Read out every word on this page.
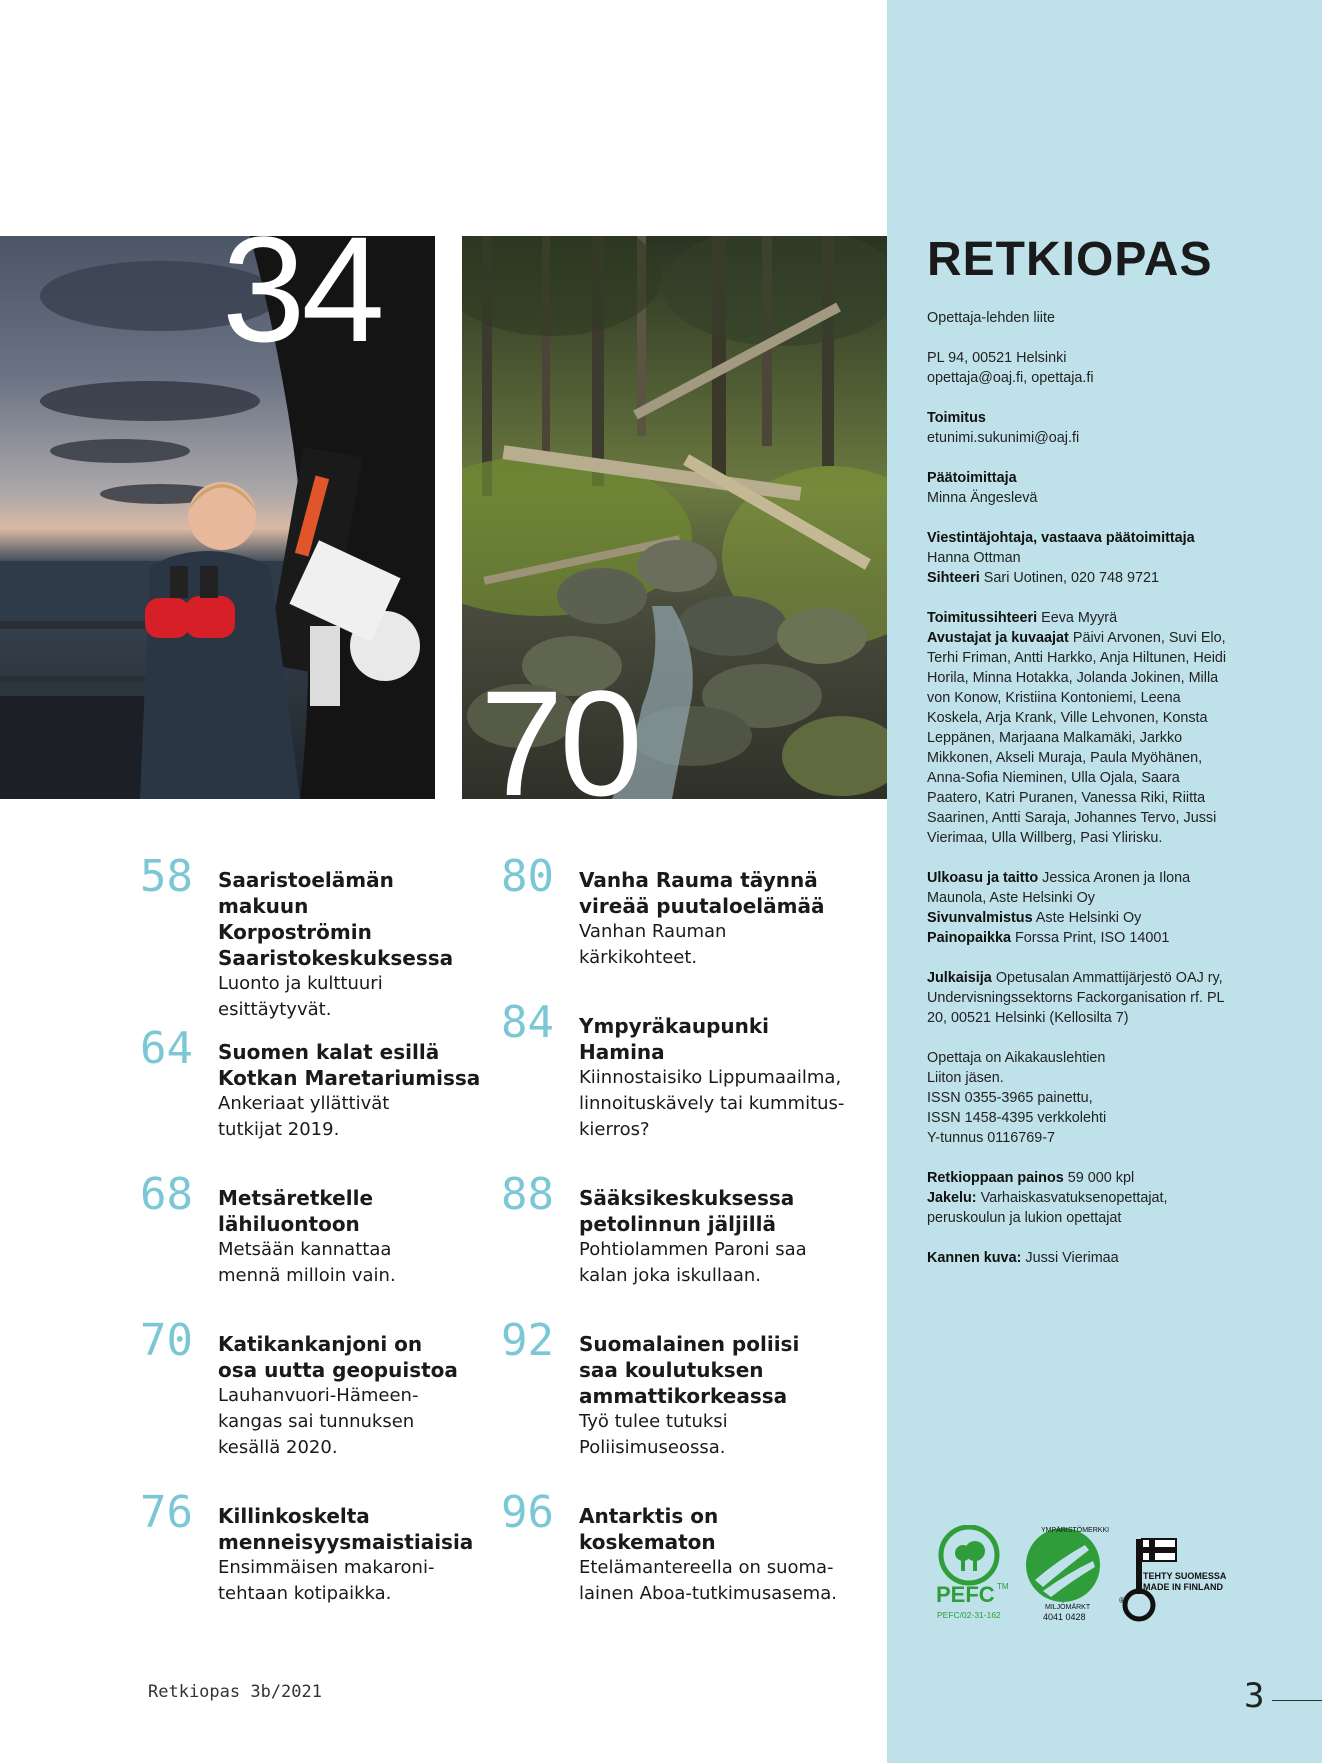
RETKIOPAS

Opettaja-lehden liite

PL 94, 00521 Helsinki
opettaja@oaj.fi, opettaja.fi

Toimitus
etunimi.sukunimi@oaj.fi

Päätoimittaja
Minna Ängeslevä

Viestintäjohtaja, vastaava päätoimittaja Hanna Ottman
Sihteeri Sari Uotinen, 020 748 9721

Toimitussihteeri Eeva Myyrä
Avustajat ja kuvaajat Päivi Arvonen, Suvi Elo, Terhi Friman, Antti Harkko, Anja Hiltunen, Heidi Horila, Minna Hotakka, Jolanda Jokinen, Milla von Konow, Kristiina Kontoniemi, Leena Koskela, Arja Krank, Ville Lehvonen, Konsta Leppänen, Marjaana Malkamäki, Jarkko Mikkonen, Akseli Muraja, Paula Myöhänen, Anna-Sofia Nieminen, Ulla Ojala, Saara Paatero, Katri Puranen, Vanessa Riki, Riitta Saarinen, Antti Saraja, Johannes Tervo, Jussi Vierimaa, Ulla Willberg, Pasi Ylirisku.

Ulkoasu ja taitto Jessica Aronen ja Ilona Maunola, Aste Helsinki Oy
Sivunvalmistus Aste Helsinki Oy
Painopaikka Forssa Print, ISO 14001

Julkaisija Opetusalan Ammattijärjestö OAJ ry, Undervisningssektorns Fackorganisation rf. PL 20, 00521 Helsinki (Kellosilta 7)

Opettaja on Aikakauslehtien
Liiton jäsen.
ISSN 0355-3965 painettu,
ISSN 1458-4395 verkkolehti
Y-tunnus 0116769-7

Retkioppaan painos 59 000 kpl
Jakelu: Varhaiskasvatuksenopettajat, peruskoulun ja lukion opettajat

Kannen kuva: Jussi Vierimaa

34
70
58 Saaristoelämän makuun
Korpoströmin
Saaristokeskuksessa
Luonto ja kulttuuri
esittäytyvät.
64 Suomen kalat esillä
Kotkan Maretariumissa
Ankeriaat yllättivät
tutkijat 2019.
68 Metsäretkelle
lähiluontoon
Metsään kannattaa
mennä milloin vain.
70 Katikankanjoni on
osa uutta geopuistoa
Lauhanvuori-Hämeen-
kangas sai tunnuksen
kesällä 2020.
76 Killinkoskelta
menneisyysmaistiaisia
Ensimmäisen makaroni-
tehtaan kotipaikka.
80 Vanha Rauma täynnä
vireää puutaloelämää
Vanhan Rauman
kärkikohteet.
84 Ympyräkaupunki
Hamina
Kiinnostaisiko Lippumaailma,
linnoituskävely tai kummitus-
kierros?
88 Sääksikeskuksessa
petolinnun jäljillä
Pohtiolammen Paroni saa
kalan joka iskullaan.
92 Suomalainen poliisi
saa koulutuksen
ammattikorkeassa
Työ tulee tutuksi
Poliisimuseossa.
96 Antarktis on
koskematon
Etelämantereella on suoma-
lainen Aboa-tutkimusasema.	PEFC TM
PEFC/02-31-162
YMPÄRISTÖMERKKI
MILJÖMÄRKT
4041 0428
®
TEHTY SUOMESSA
MADE IN FINLAND
Retkiopas 3b/2021	3
